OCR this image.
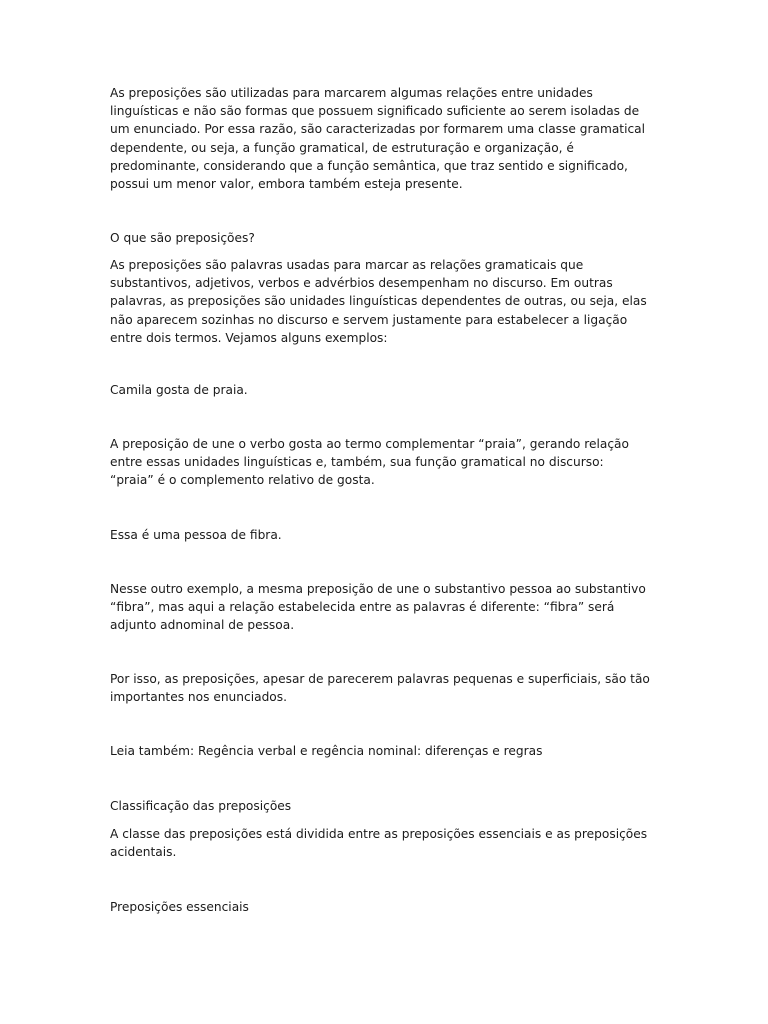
As preposições são utilizadas para marcarem algumas relações entre unidades linguísticas e não são formas que possuem significado suficiente ao serem isoladas de um enunciado. Por essa razão, são caracterizadas por formarem uma classe gramatical dependente, ou seja, a função gramatical, de estruturação e organização, é predominante, considerando que a função semântica, que traz sentido e significado, possui um menor valor, embora também esteja presente.

O que são preposições?

As preposições são palavras usadas para marcar as relações gramaticais que substantivos, adjetivos, verbos e advérbios desempenham no discurso. Em outras palavras, as preposições são unidades linguísticas dependentes de outras, ou seja, elas não aparecem sozinhas no discurso e servem justamente para estabelecer a ligação entre dois termos. Vejamos alguns exemplos:

Camila gosta de praia.

A preposição de une o verbo gosta ao termo complementar “praia”, gerando relação entre essas unidades linguísticas e, também, sua função gramatical no discurso: “praia” é o complemento relativo de gosta.

Essa é uma pessoa de fibra.

Nesse outro exemplo, a mesma preposição de une o substantivo pessoa ao substantivo “fibra”, mas aqui a relação estabelecida entre as palavras é diferente: “fibra” será adjunto adnominal de pessoa.

Por isso, as preposições, apesar de parecerem palavras pequenas e superficiais, são tão importantes nos enunciados.

Leia também: Regência verbal e regência nominal: diferenças e regras

Classificação das preposições

A classe das preposições está dividida entre as preposições essenciais e as preposições acidentais.

Preposições essenciais
